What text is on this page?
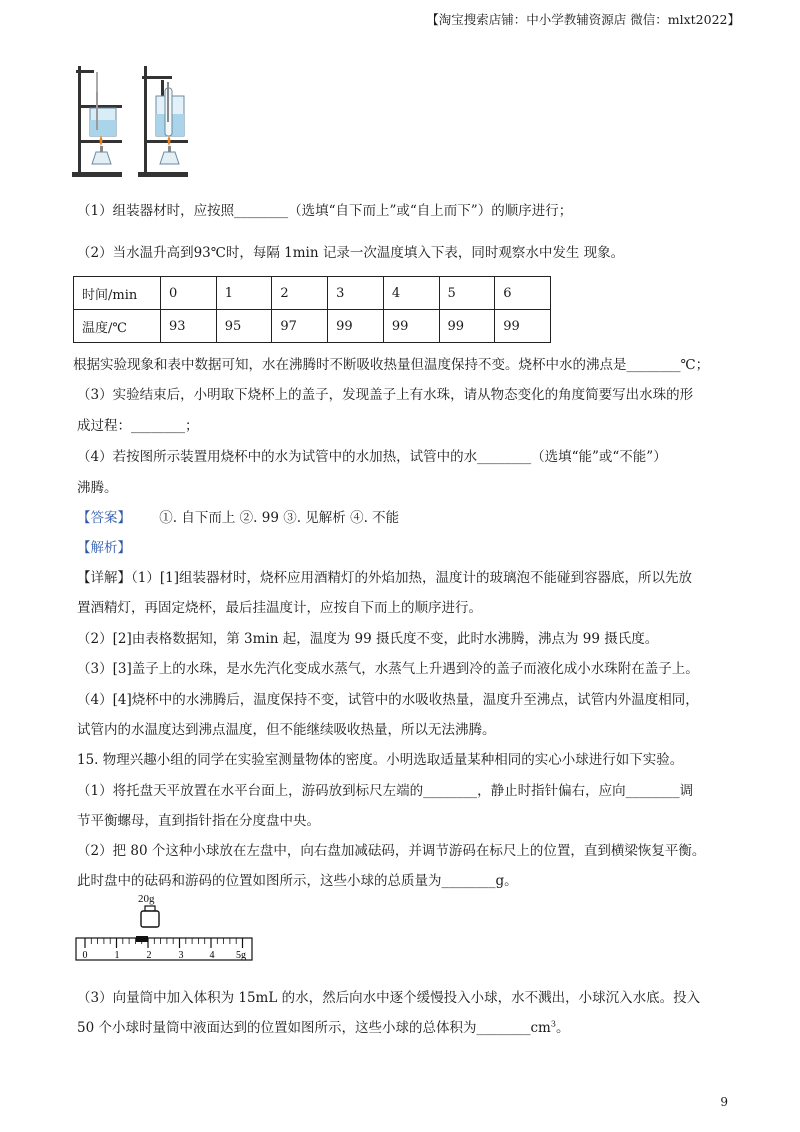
【淘宝搜索店铺：中小学教辅资源店 微信：mlxt2022】
（1）组装器材时，应按照________（选填“自下而上”或“自上而下”）的顺序进行；
（2）当水温升高到93℃时，每隔 1min 记录一次温度填入下表，同时观察水中发生 现象。
时间/min	0	1	2	3	4	5	6
温度/℃	93	95	97	99	99	99	99
根据实验现象和表中数据可知，水在沸腾时不断吸收热量但温度保持不变。烧杯中水的沸点是________℃；
（3）实验结束后，小明取下烧杯上的盖子，发现盖子上有水珠，请从物态变化的角度简要写出水珠的形
成过程：________；
（4）若按图所示装置用烧杯中的水为试管中的水加热，试管中的水________（选填“能”或“不能”）
沸腾。
【答案】 ①. 自下而上 ②. 99 ③. 见解析 ④. 不能
【解析】
【详解】（1）[1]组装器材时，烧杯应用酒精灯的外焰加热，温度计的玻璃泡不能碰到容器底，所以先放
置酒精灯，再固定烧杯，最后挂温度计，应按自下而上的顺序进行。
（2）[2]由表格数据知，第 3min 起，温度为 99 摄氏度不变，此时水沸腾，沸点为 99 摄氏度。
（3）[3]盖子上的水珠，是水先汽化变成水蒸气，水蒸气上升遇到冷的盖子而液化成小水珠附在盖子上。
（4）[4]烧杯中的水沸腾后，温度保持不变，试管中的水吸收热量，温度升至沸点，试管内外温度相同，
试管内的水温度达到沸点温度，但不能继续吸收热量，所以无法沸腾。
15. 物理兴趣小组的同学在实验室测量物体的密度。小明选取适量某种相同的实心小球进行如下实验。
（1）将托盘天平放置在水平台面上，游码放到标尺左端的________，静止时指针偏右，应向________调
节平衡螺母，直到指针指在分度盘中央。
（2）把 80 个这种小球放在左盘中，向右盘加减砝码，并调节游码在标尺上的位置，直到横梁恢复平衡。
此时盘中的砝码和游码的位置如图所示，这些小球的总质量为________g。
20g
0	1	2	3	4 5g
（3）向量筒中加入体积为 15mL 的水，然后向水中逐个缓慢投入小球，水不溅出，小球沉入水底。投入
50 个小球时量筒中液面达到的位置如图所示，这些小球的总体积为$\_\_\_\_\_\_\_\_cm^3$。
9
